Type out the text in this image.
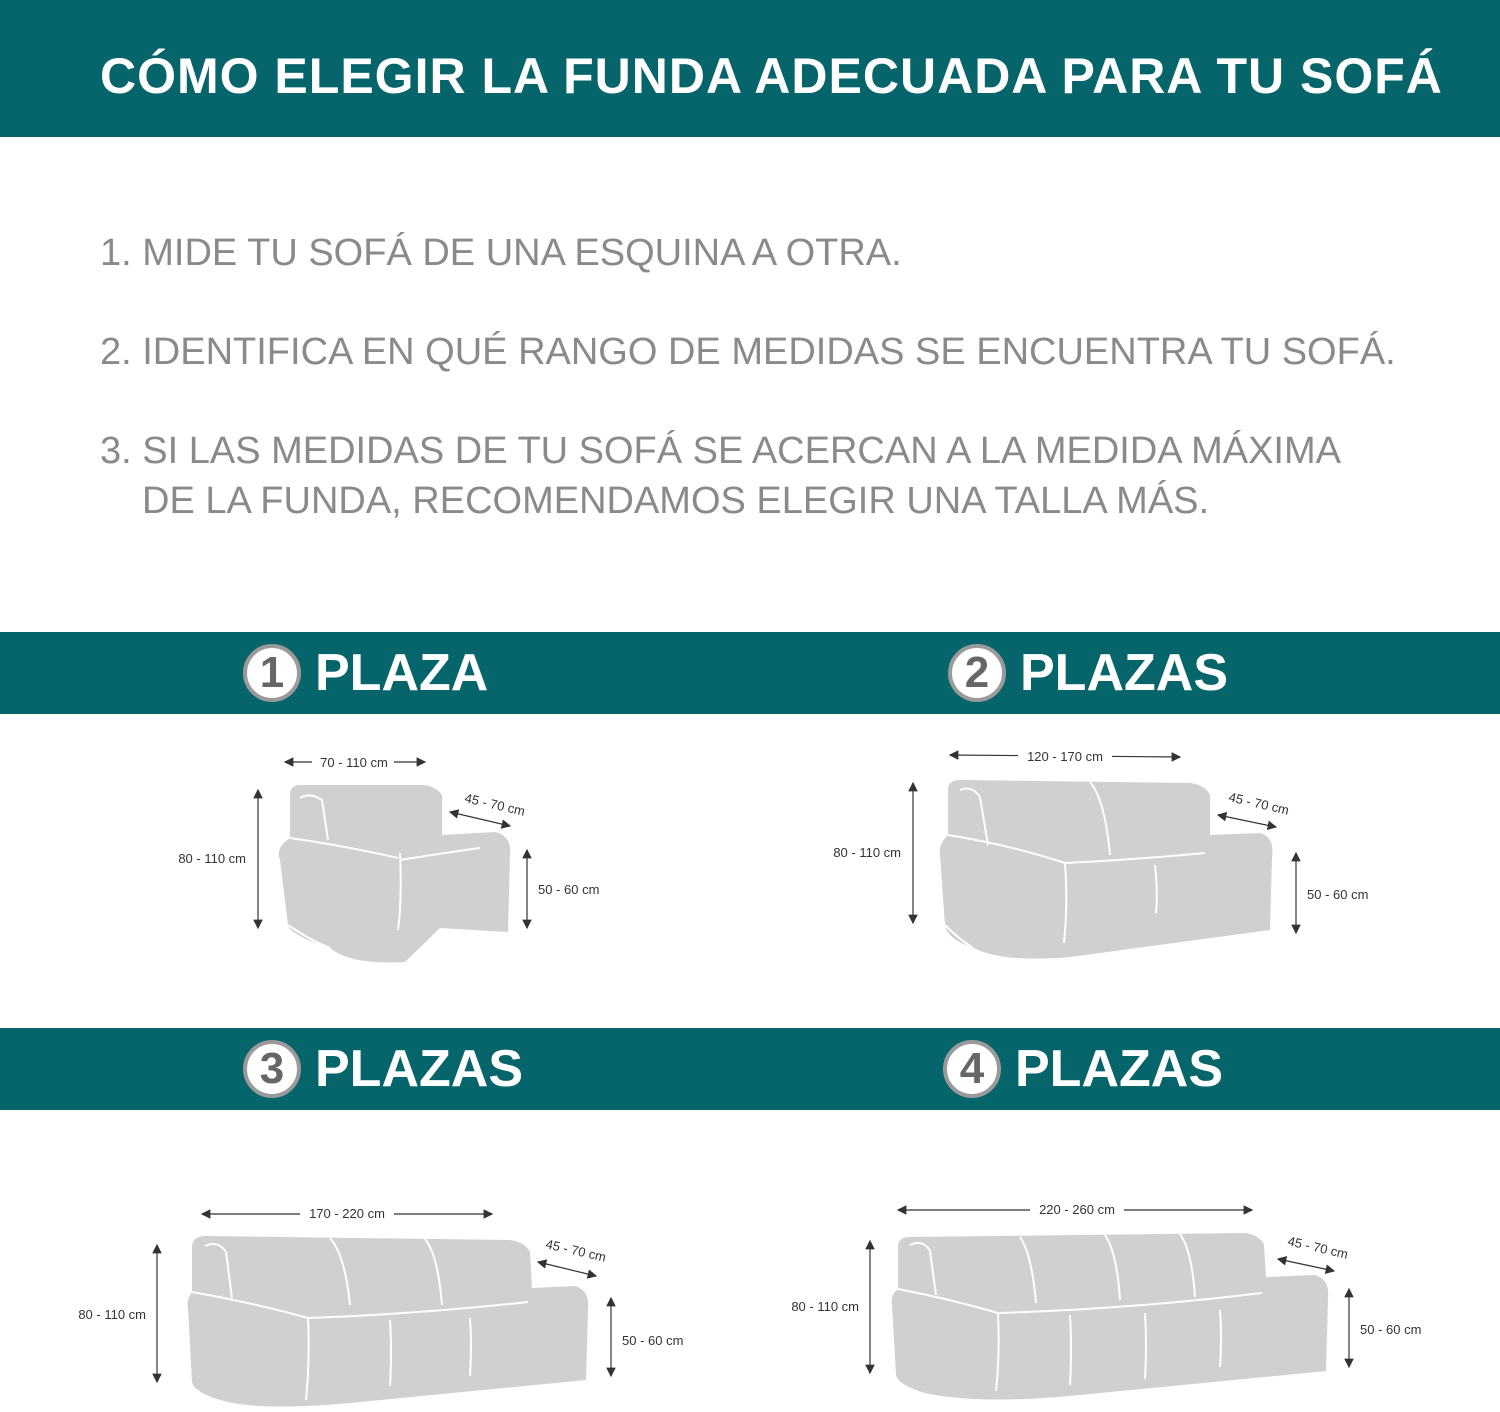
CÓMO ELEGIR LA FUNDA ADECUADA PARA TU SOFÁ
1. MIDE TU SOFÁ DE UNA ESQUINA A OTRA.
2. IDENTIFICA EN QUÉ RANGO DE MEDIDAS SE ENCUENTRA TU SOFÁ.
3. SI LAS MEDIDAS DE TU SOFÁ SE ACERCAN A LA MEDIDA MÁXIMA
DE LA FUNDA, RECOMENDAMOS ELEGIR UNA TALLA MÁS.
1 PLAZA	2 PLAZAS
3 PLAZAS	4 PLAZAS
70 - 110 cm
80 - 110 cm
45 - 70 cm
50 - 60 cm
120 - 170 cm
80 - 110 cm
45 - 70 cm
50 - 60 cm
170 - 220 cm
80 - 110 cm
45 - 70 cm
50 - 60 cm
220 - 260 cm
80 - 110 cm
45 - 70 cm
50 - 60 cm
